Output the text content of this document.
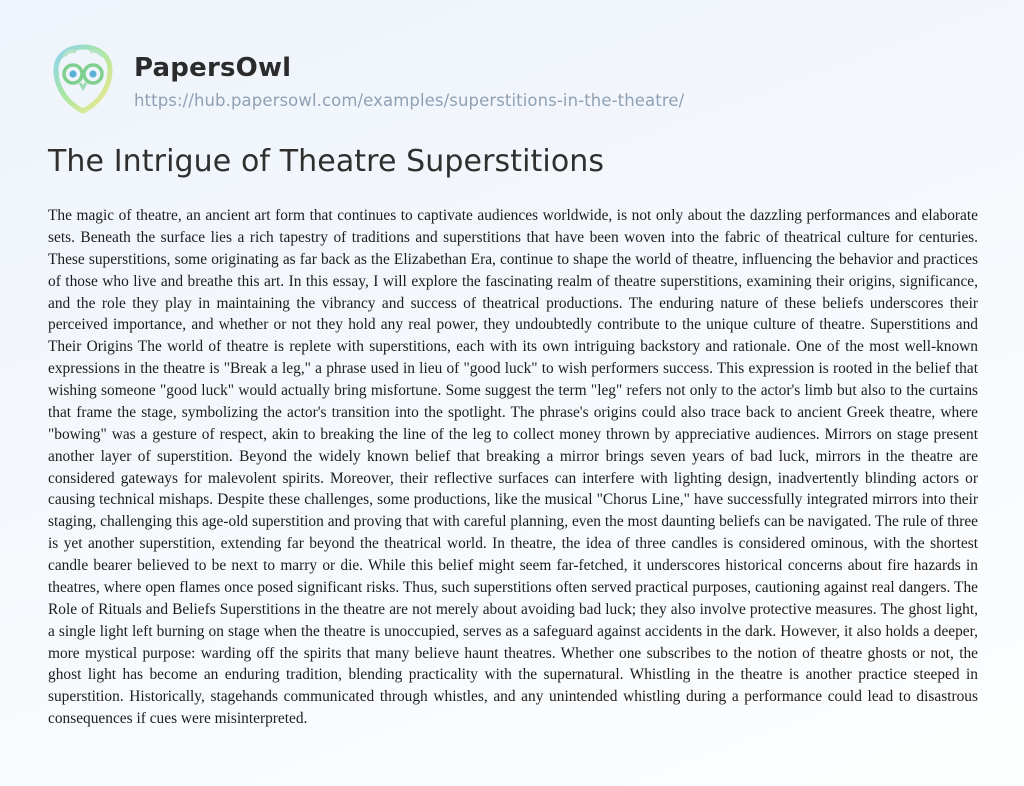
PapersOwl
https://hub.papersowl.com/examples/superstitions-in-the-theatre/
The Intrigue of Theatre Superstitions

The magic of theatre, an ancient art form that continues to captivate audiences worldwide, is not only about the dazzling performances and elaborate sets. Beneath the surface lies a rich tapestry of traditions and superstitions that have been woven into the fabric of theatrical culture for centuries. These superstitions, some originating as far back as the Elizabethan Era, continue to shape the world of theatre, influencing the behavior and practices of those who live and breathe this art. In this essay, I will explore the fascinating realm of theatre superstitions, examining their origins, significance, and the role they play in maintaining the vibrancy and success of theatrical productions. The enduring nature of these beliefs underscores their perceived importance, and whether or not they hold any real power, they undoubtedly contribute to the unique culture of theatre. Superstitions and Their Origins The world of theatre is replete with superstitions, each with its own intriguing backstory and rationale. One of the most well-known expressions in the theatre is "Break a leg," a phrase used in lieu of "good luck" to wish performers success. This expression is rooted in the belief that wishing someone "good luck" would actually bring misfortune. Some suggest the term "leg" refers not only to the actor's limb but also to the curtains that frame the stage, symbolizing the actor's transition into the spotlight. The phrase's origins could also trace back to ancient Greek theatre, where "bowing" was a gesture of respect, akin to breaking the line of the leg to collect money thrown by appreciative audiences. Mirrors on stage present another layer of superstition. Beyond the widely known belief that breaking a mirror brings seven years of bad luck, mirrors in the theatre are considered gateways for malevolent spirits. Moreover, their reflective surfaces can interfere with lighting design, inadvertently blinding actors or causing technical mishaps. Despite these challenges, some productions, like the musical "Chorus Line," have successfully integrated mirrors into their staging, challenging this age-old superstition and proving that with careful planning, even the most daunting beliefs can be navigated. The rule of three is yet another superstition, extending far beyond the theatrical world. In theatre, the idea of three candles is considered ominous, with the shortest candle bearer believed to be next to marry or die. While this belief might seem far-fetched, it underscores historical concerns about fire hazards in theatres, where open flames once posed significant risks. Thus, such superstitions often served practical purposes, cautioning against real dangers. The Role of Rituals and Beliefs Superstitions in the theatre are not merely about avoiding bad luck; they also involve protective measures. The ghost light, a single light left burning on stage when the theatre is unoccupied, serves as a safeguard against accidents in the dark. However, it also holds a deeper, more mystical purpose: warding off the spirits that many believe haunt theatres. Whether one subscribes to the notion of theatre ghosts or not, the ghost light has become an enduring tradition, blending practicality with the supernatural. Whistling in the theatre is another practice steeped in superstition. Historically, stagehands communicated through whistles, and any unintended whistling during a performance could lead to disastrous consequences if cues were misinterpreted.
